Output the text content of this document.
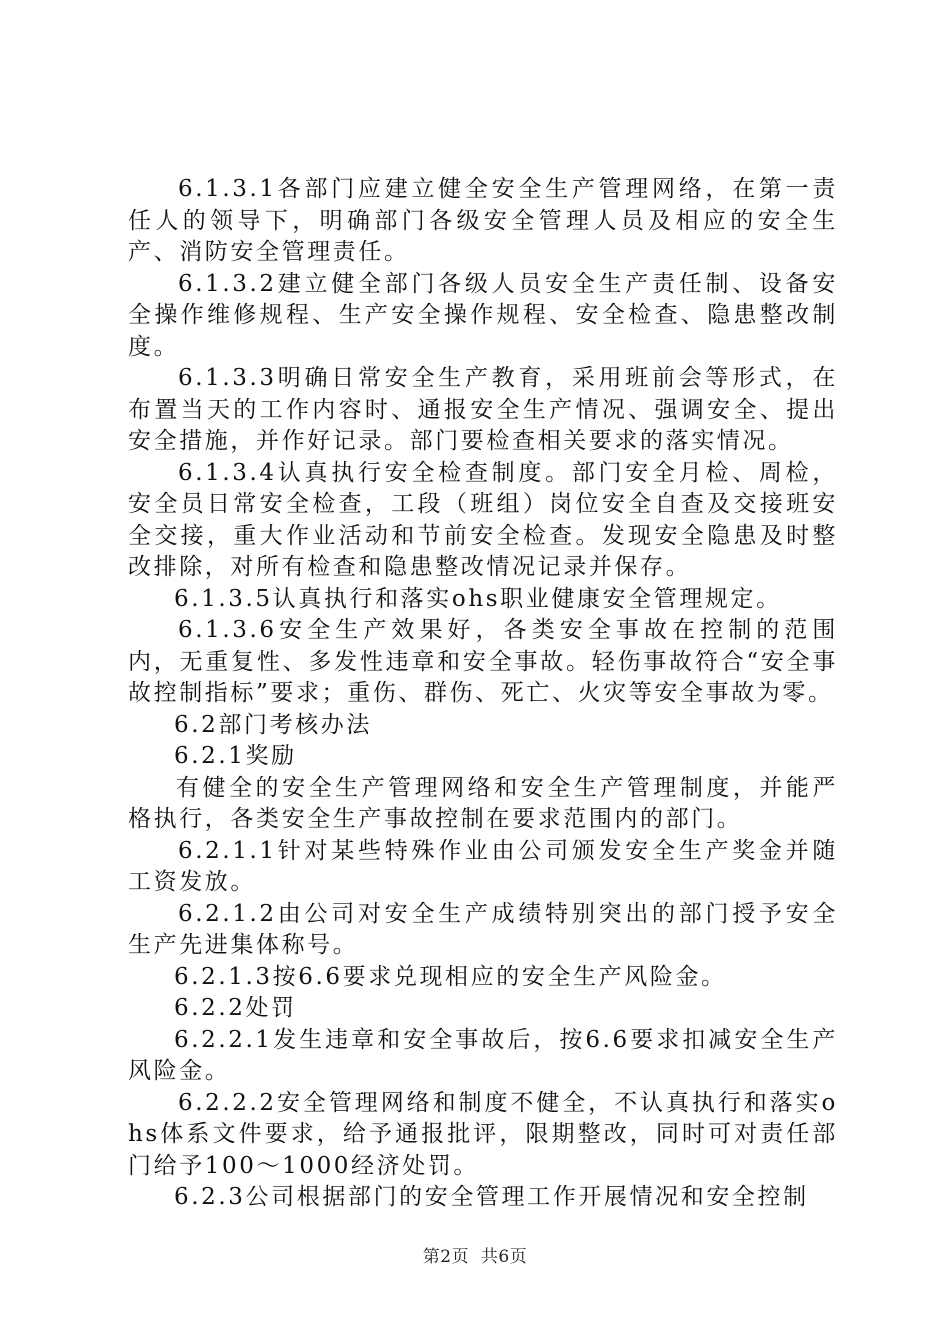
6.1.3.1各部门应建立健全安全生产管理网络，在第一责任人的领导下，明确部门各级安全管理人员及相应的安全生产、消防安全管理责任。

6.1.3.2建立健全部门各级人员安全生产责任制、设备安全操作维修规程、生产安全操作规程、安全检查、隐患整改制度。

6.1.3.3明确日常安全生产教育，采用班前会等形式，在布置当天的工作内容时、通报安全生产情况、强调安全、提出安全措施，并作好记录。部门要检查相关要求的落实情况。

6.1.3.4认真执行安全检查制度。部门安全月检、周检，安全员日常安全检查，工段（班组）岗位安全自查及交接班安全交接，重大作业活动和节前安全检查。发现安全隐患及时整改排除，对所有检查和隐患整改情况记录并保存。

6.1.3.5认真执行和落实ohs职业健康安全管理规定。

6.1.3.6安全生产效果好，各类安全事故在控制的范围内，无重复性、多发性违章和安全事故。轻伤事故符合“安全事故控制指标”要求；重伤、群伤、死亡、火灾等安全事故为零。

6.2部门考核办法

6.2.1奖励

有健全的安全生产管理网络和安全生产管理制度，并能严格执行，各类安全生产事故控制在要求范围内的部门。

6.2.1.1针对某些特殊作业由公司颁发安全生产奖金并随工资发放。

6.2.1.2由公司对安全生产成绩特别突出的部门授予安全生产先进集体称号。

6.2.1.3按6.6要求兑现相应的安全生产风险金。

6.2.2处罚

6.2.2.1发生违章和安全事故后，按6.6要求扣减安全生产风险金。

6.2.2.2安全管理网络和制度不健全，不认真执行和落实ohs体系文件要求，给予通报批评，限期整改，同时可对责任部门给予100～1000经济处罚。

6.2.3公司根据部门的安全管理工作开展情况和安全控制

第2页  共6页
